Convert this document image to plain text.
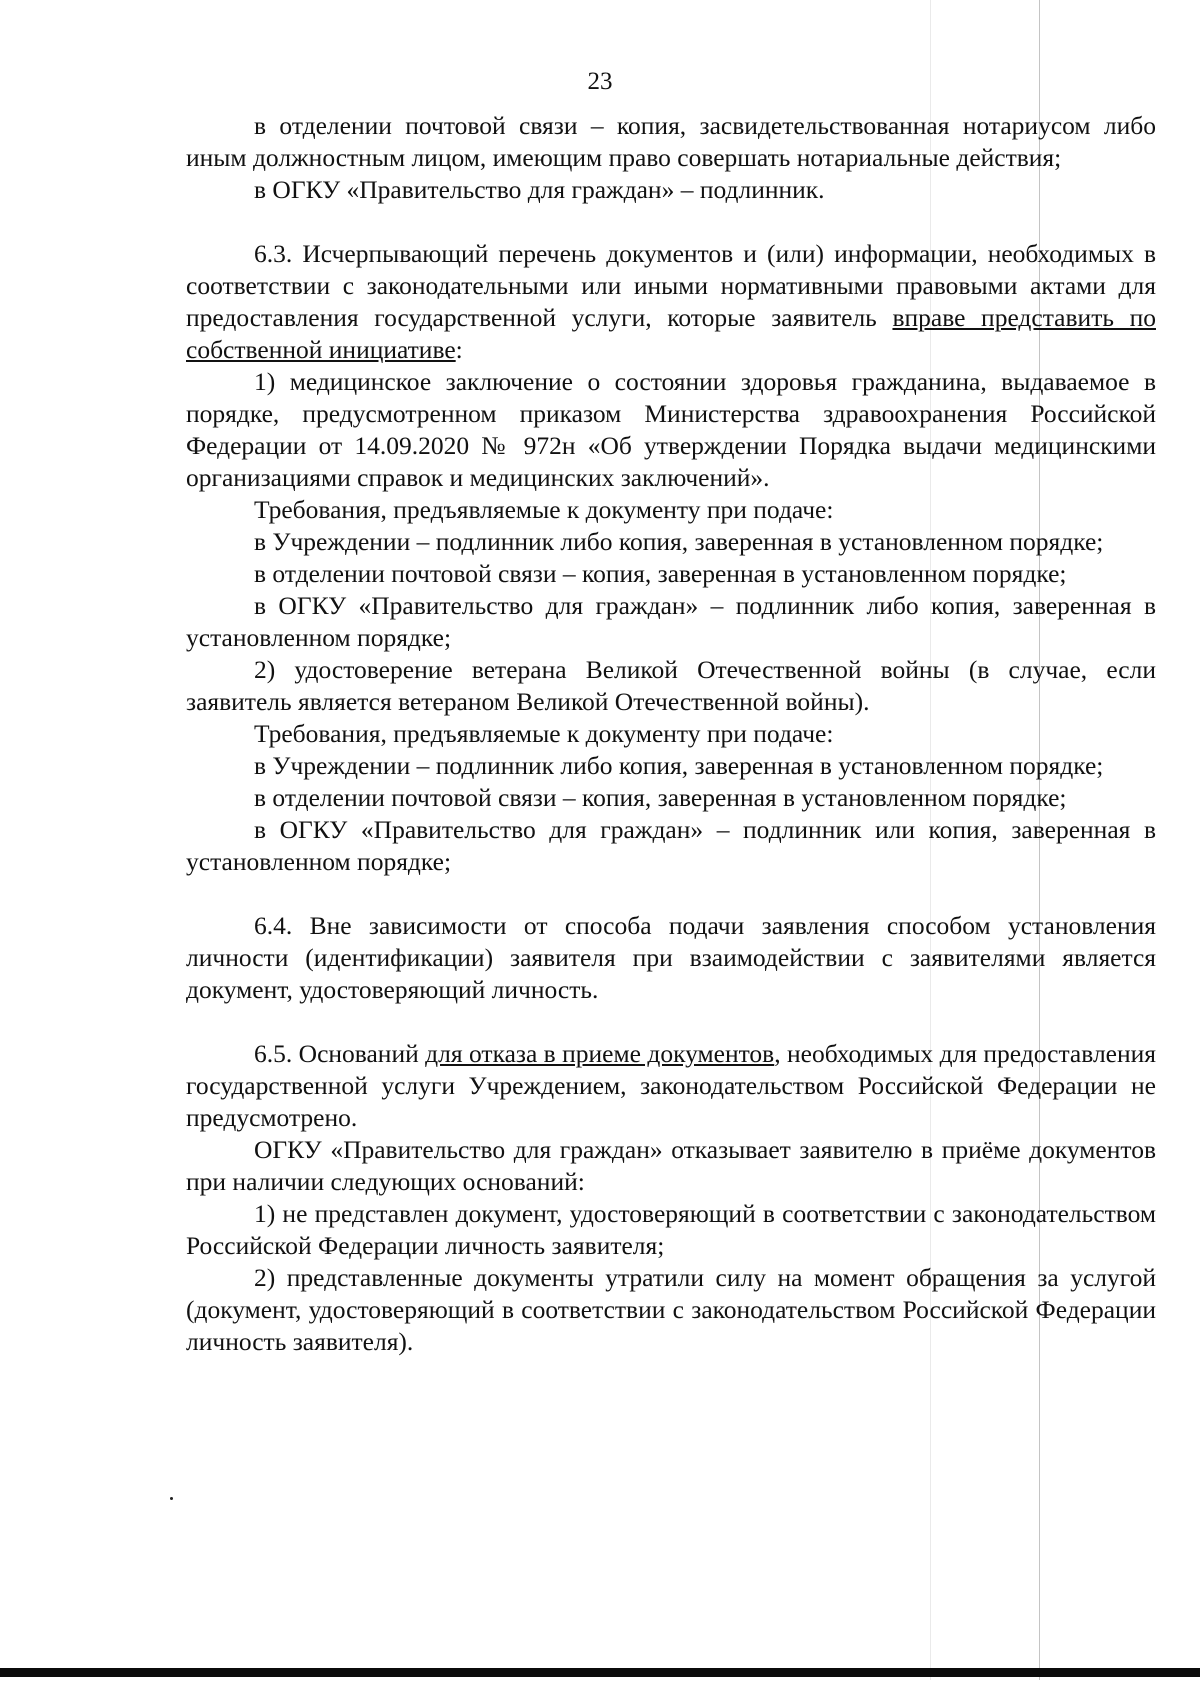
23

в отделении почтовой связи – копия, засвидетельствованная нотариусом либо иным должностным лицом, имеющим право совершать нотариальные действия;

в ОГКУ «Правительство для граждан» – подлинник.

6.3. Исчерпывающий перечень документов и (или) информации, необходимых в соответствии с законодательными или иными нормативными правовыми актами для предоставления государственной услуги, которые заявитель вправе представить по собственной инициативе:

1) медицинское заключение о состоянии здоровья гражданина, выдаваемое в порядке, предусмотренном приказом Министерства здравоохранения Российской Федерации от 14.09.2020 № 972н «Об утверждении Порядка выдачи медицинскими организациями справок и медицинских заключений».

Требования, предъявляемые к документу при подаче:

в Учреждении – подлинник либо копия, заверенная в установленном порядке;

в отделении почтовой связи – копия, заверенная в установленном порядке;

в ОГКУ «Правительство для граждан» – подлинник либо копия, заверенная в установленном порядке;

2) удостоверение ветерана Великой Отечественной войны (в случае, если заявитель является ветераном Великой Отечественной войны).

Требования, предъявляемые к документу при подаче:

в Учреждении – подлинник либо копия, заверенная в установленном порядке;

в отделении почтовой связи – копия, заверенная в установленном порядке;

в ОГКУ «Правительство для граждан» – подлинник или копия, заверенная в установленном порядке;

6.4. Вне зависимости от способа подачи заявления способом установления личности (идентификации) заявителя при взаимодействии с заявителями является документ, удостоверяющий личность.

6.5. Оснований для отказа в приеме документов, необходимых для предоставления государственной услуги Учреждением, законодательством Российской Федерации не предусмотрено.

ОГКУ «Правительство для граждан» отказывает заявителю в приёме документов при наличии следующих оснований:

1) не представлен документ, удостоверяющий в соответствии с законодательством Российской Федерации личность заявителя;

2) представленные документы утратили силу на момент обращения за услугой (документ, удостоверяющий в соответствии с законодательством Российской Федерации личность заявителя).
